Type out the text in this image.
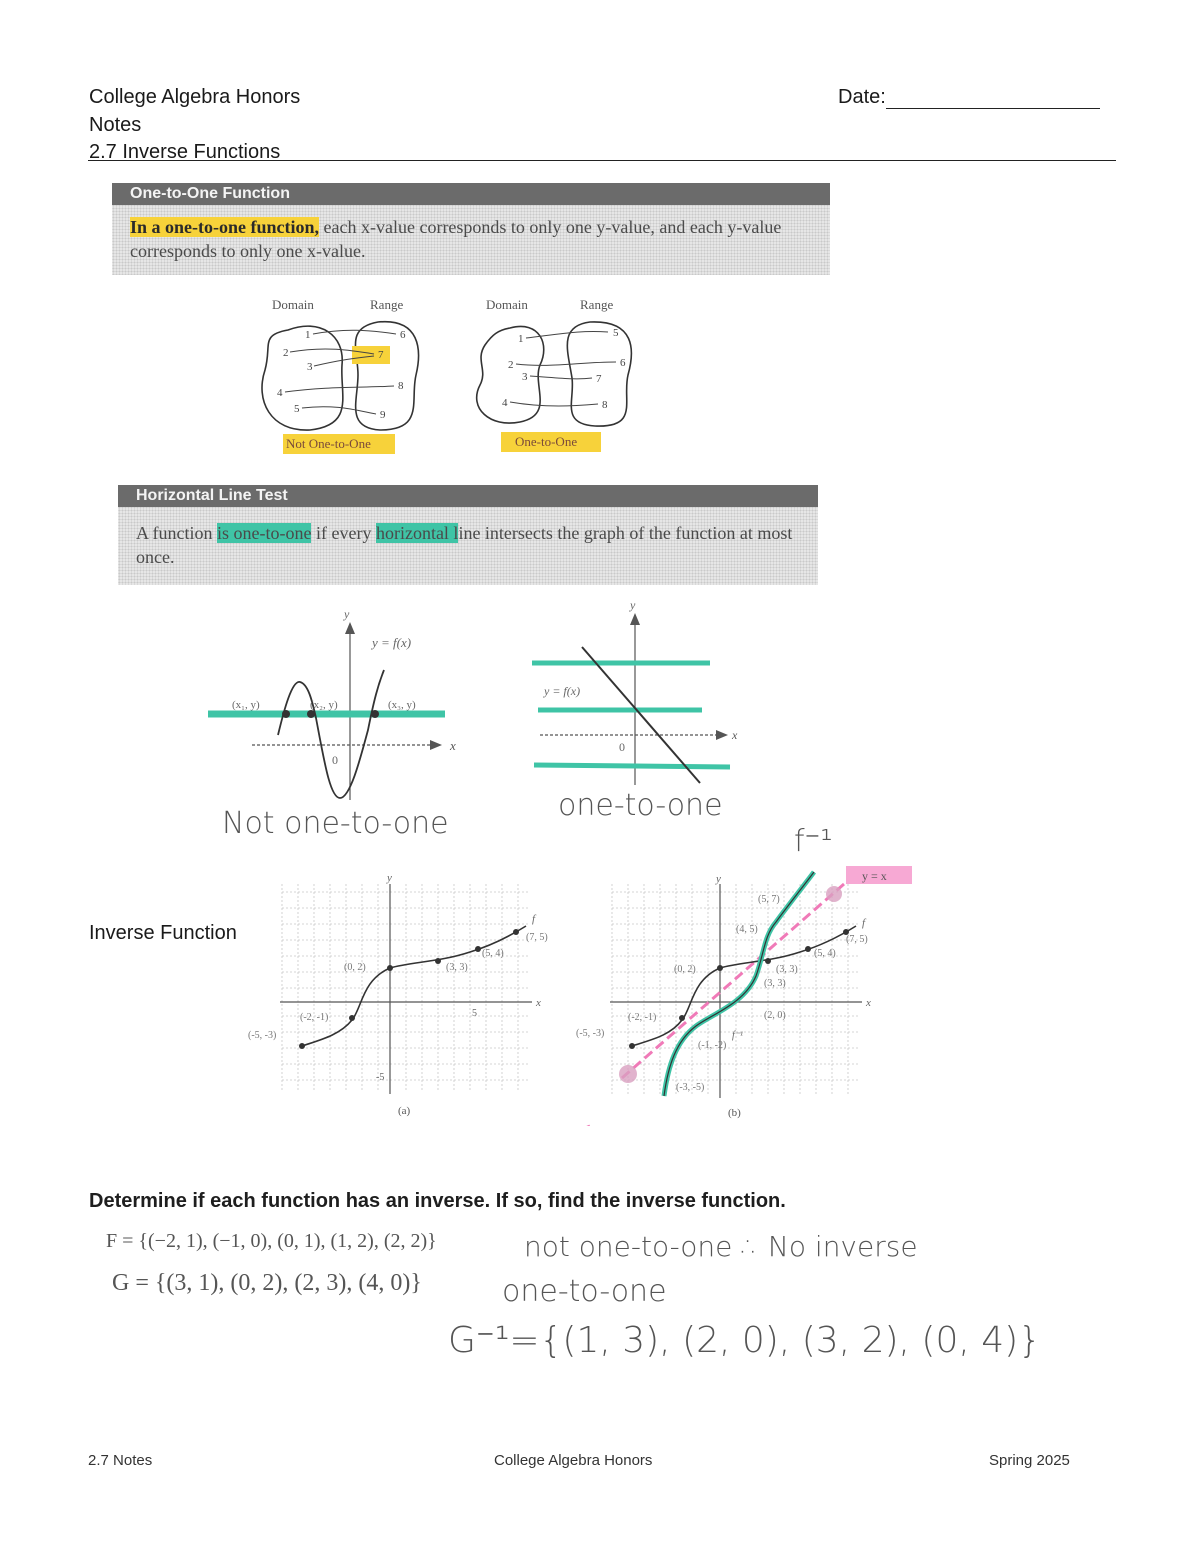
College Algebra Honors
Notes
2.7 Inverse Functions
Date:
One-to-One Function
In a one-to-one function, each x-value corresponds to only one y-value, and each y-value corresponds to only one x-value.
Domain	Range
1
2
3
4
5
6
7
8
9
Not One-to-One
Domain	Range
1
2
3
4
5
6
7
8
One-to-One
Horizontal Line Test
A function is one-to-one if every horizontal line intersects the graph of the function at most once.
y
x
0
y = f(x)
(x₁, y)	(x₂, y)	(x₃, y)
Not one-to-one
y
x
0
y = f(x)
one-to-one
Inverse Function
y
x
5
-5
(-5, -3)
(-2, -1)
(0, 2)	(3, 3)
(5, 4)
(7, 5)
f
(a)
y
x
y = x
(-5, -3)
(-2, -1)
(0, 2)	(3, 3)
(5, 4)
(7, 5)
(-3, -5)
(-1, -2)
(2, 0)
(3, 3)
(4, 5)
(5, 7)
f
f⁻¹
(b)
f⁻¹
Determine if each function has an inverse. If so, find the inverse function.
F = {(−2, 1), (−1, 0), (0, 1), (1, 2), (2, 2)}	not one-to-one ∴ No inverse
G = {(3, 1), (0, 2), (2, 3), (4, 0)}	one-to-one
G⁻¹={(1, 3), (2, 0), (3, 2), (0, 4)}
2.7 Notes	College Algebra Honors	Spring 2025
